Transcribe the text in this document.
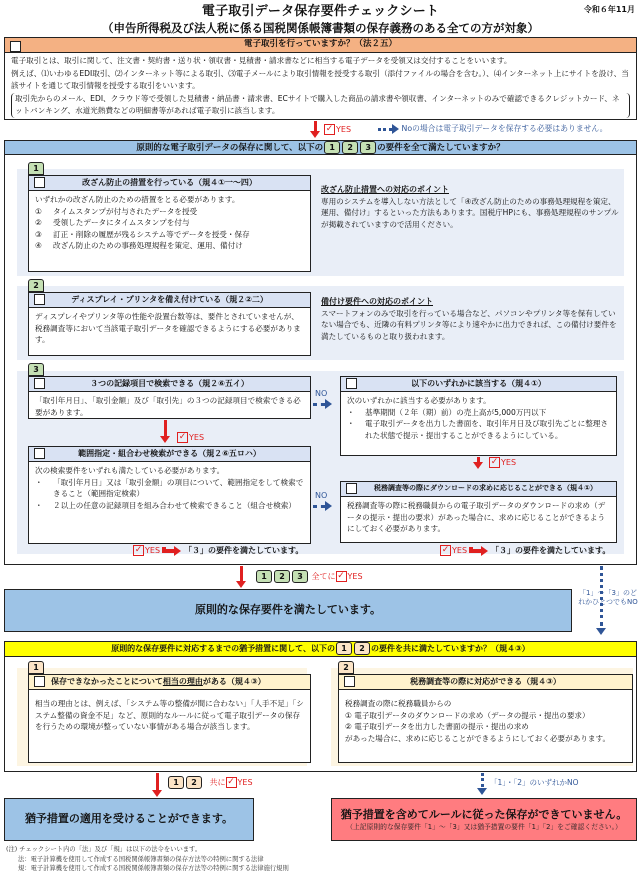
電子取引データ保存要件チェックシート	令和６年11月
（申告所得税及び法人税に係る国税関係帳簿書類の保存義務のある全ての方が対象）
電子取引を行っていますか？（法２五）
電子取引とは、取引に関して、注文書・契約書・送り状・領収書・見積書・請求書などに相当する電子データを受領又は交付することをいいます。
例えば、⑴いわゆるEDI取引、⑵インターネット等による取引、⑶電子メールにより取引情報を授受する取引（添付ファイルの場合を含む。）、⑷インターネット上にサイトを設け、当該サイトを通じて取引情報を授受する取引をいいます。
取引先からのメール、EDI、クラウド等で受領した見積書・納品書・請求書、ECサイトで購入した商品の請求書や領収書、インターネットのみで確認できるクレジットカード、ネットバンキング、水道光熱費などの明細書等があれば電子取引に該当します。
✓ YES	Noの場合は電子取引データを保存する必要はありません。
原則的な電子取引データの保存に関して、以下の 1 2 3 の要件を全て満たしていますか？
1
改ざん防止の措置を行っている（規４①一～四）
いずれかの改ざん防止のための措置をとる必要があります。
①	タイムスタンプが付与されたデータを授受
②	受領したデータにタイムスタンプを付与
③	訂正・削除の履歴が残るシステム等でデータを授受・保存
④	改ざん防止のための事務処理規程を策定、運用、備付け
改ざん防止措置への対応のポイント
専用のシステムを導入しない方法として「④改ざん防止のための事務処理規程を策定、運用、備付け」するといった方法もあります。国税庁HPにも、事務処理規程のサンプルが掲載されていますので活用ください。
2
ディスプレイ・プリンタを備え付けている（規２②二）
ディスプレイやプリンタ等の性能や設置台数等は、要件とされていませんが、税務調査等において当該電子取引データを確認できるようにする必要があります。
備付け要件への対応のポイント
スマートフォンのみで取引を行っている場合など、パソコンやプリンタ等を保有していない場合でも、近隣の有料プリンタ等により速やかに出力できれば、この備付け要件を満たしているものと取り扱われます。
3
３つの記録項目で検索できる（規２⑥五イ）
「取引年月日」、「取引金額」及び「取引先」の３つの記録項目で検索できる必要があります。
NO
以下のいずれかに該当する（規４①）
次のいずれかに該当する必要があります。
・	基準期間（２年（期）前）の売上高が5,000万円以下
・	電子取引データを出力した書面を、取引年月日及び取引先ごとに整理された状態で提示・提出することができるようにしている。
✓ YES
✓ YES
範囲指定・組合わせ検索ができる（規２⑥五ロハ）
次の検索要件をいずれも満たしている必要があります。
・	「取引年月日」又は「取引金額」の項目について、範囲指定をして検索できること（範囲指定検索）
・	２以上の任意の記録項目を組み合わせて検索できること（組合せ検索）
NO
税務調査等の際にダウンロードの求めに応じることができる（規４①）
税務調査等の際に税務職員からの電子取引データのダウンロードの求め（データの提示・提出の要求）があった場合に、求めに応じることができるようにしておく必要があります。
✓ YES	「３」の要件を満たしています。	✓ YES	「３」の要件を満たしています。
1 2 3 全てに ✓ YES
原則的な保存要件を満たしています。
「1」～「3」のどれかひとつでもNO
原則的な保存要件に対応するまでの猶予措置に関して、以下の 1 2 の要件を共に満たしていますか？（規４③）
1
保存できなかったことについて相当の理由がある（規４③）
相当の理由とは、例えば、「システム等の整備が間に合わない」「人手不足」「システム整備の資金不足」など、原則的なルールに従って電子取引データの保存を行うための環境が整っていない事情がある場合が該当します。
2
税務調査等の際に対応ができる（規４③）
税務調査の際に税務職員からの
① 電子取引データのダウンロードの求め（データの提示・提出の要求）
② 電子取引データを出力した書面の提示・提出の求め
があった場合に、求めに応じることができるようにしておく必要があります。
1 2 共に ✓ YES	「1」・「2」のいずれかNO
猶予措置の適用を受けることができます。	猶予措置を含めてルールに従った保存ができていません。
（上記原則的な保存要件「1」～「3」又は猶予措置の要件「1」「2」をご確認ください。）
(注) チェックシート内の「法」及び「規」は以下の法令をいいます。
法：電子計算機を使用して作成する国税関係帳簿書類の保存方法等の特例に関する法律
規：電子計算機を使用して作成する国税関係帳簿書類の保存方法等の特例に関する法律施行規則
